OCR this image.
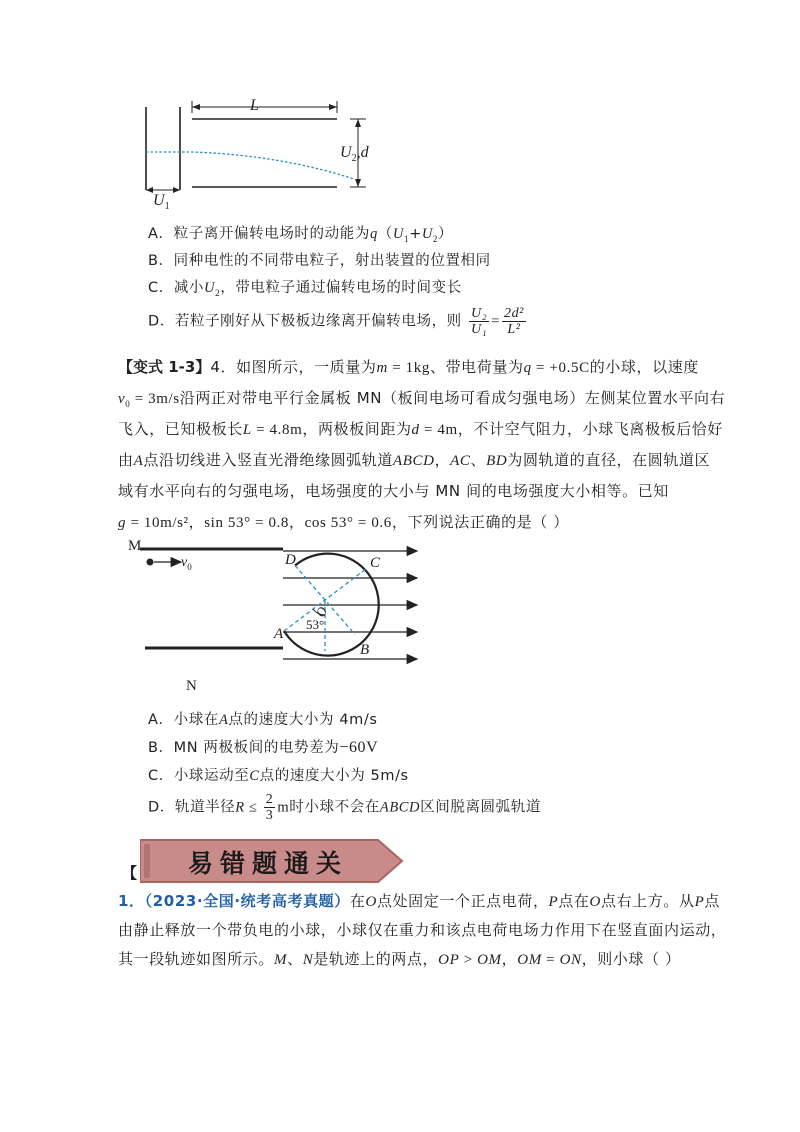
L
$U_2,d$
$U_1$
A．粒子离开偏转电场时的动能为$q(U_1+U_2)$
B．同种电性的不同带电粒子，射出装置的位置相同
C．减小$U_2$，带电粒子通过偏转电场的时间变长
D．若粒子刚好从下极板边缘离开偏转电场，则 $\frac{\text{U₂}}{\text{U₁}} = \frac{\text{2d²}}{\text{L²}}$
【变式 1-3】4．如图所示，一质量为m = 1kg、带电荷量为q = +0.5C的小球，以速度
$v_0 = 3m/s$沿两正对带电平行金属板 MN（板间电场可看成匀强电场）左侧某位置水平向右
飞入，已知极板长L = 4.8m，两极板间距为d = 4m，不计空气阻力，小球飞离极板后恰好
由A点沿切线进入竖直光滑绝缘圆弧轨道ABCD，AC、BD为圆轨道的直径，在圆轨道区
域有水平向右的匀强电场，电场强度的大小与 MN 间的电场强度大小相等。已知
g = 10m/s²，sin 53° = 0.8，cos 53° = 0.6，下列说法正确的是（ ）
M
$v_0$	D	C
O
53°
A
B
N
A．小球在A点的速度大小为 4m/s
B．MN 两极板间的电势差为−60V
C．小球运动至C点的速度大小为 5m/s
D．轨道半径$R \le \frac{2}{3}$ m时小球不会在ABCD区间脱离圆弧轨道
易错题通关
【
1．（2023·全国·统考高考真题）在O点处固定一个正点电荷，P点在O点右上方。从P点
由静止释放一个带负电的小球，小球仅在重力和该点电荷电场力作用下在竖直面内运动，
其一段轨迹如图所示。M、N是轨迹上的两点，OP > OM，OM = ON，则小球（ ）
